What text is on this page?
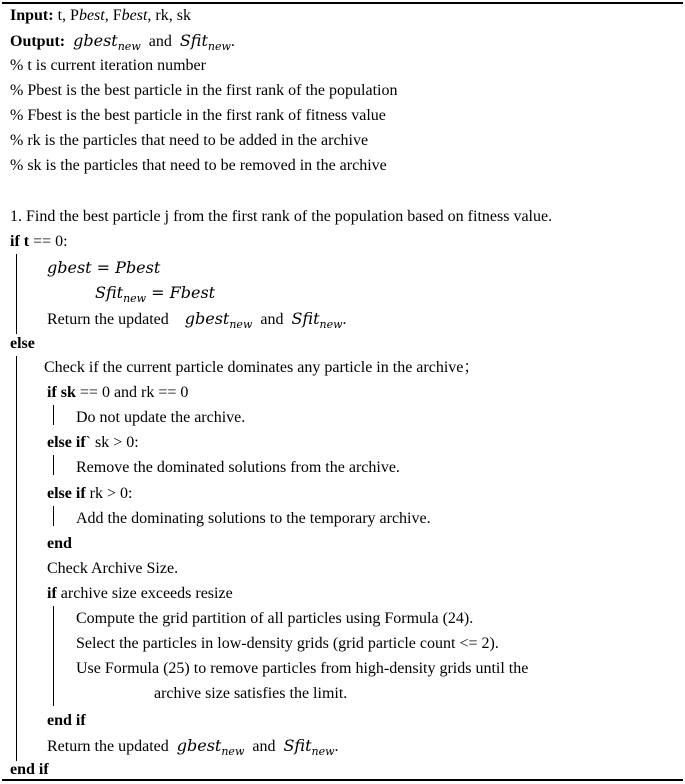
Input: t, Pbest, Fbest, rk, sk
Output: gbest$_{new}$ and Sfit$_{new}$.
% t is current iteration number
% Pbest is the best particle in the first rank of the population
% Fbest is the best particle in the first rank of fitness value
% rk is the particles that need to be added in the archive
% sk is the particles that need to be removed in the archive
1. Find the best particle j from the first rank of the population based on fitness value.
if t == 0:
gbest = Pbest
Sfit$_{new}$ = Fbest
Return the updated gbest$_{new}$ and Sfit$_{new}$.
else
Check if the current particle dominates any particle in the archive；
if sk == 0 and rk == 0
Do not update the archive.
else if` sk > 0:
Remove the dominated solutions from the archive.
else if rk > 0:
Add the dominating solutions to the temporary archive.
end
Check Archive Size.
if archive size exceeds resize
Compute the grid partition of all particles using Formula (24).
Select the particles in low-density grids (grid particle count <= 2).
Use Formula (25) to remove particles from high-density grids until the
archive size satisfies the limit.
end if
Return the updated gbest$_{new}$ and Sfit$_{new}$.
end if
